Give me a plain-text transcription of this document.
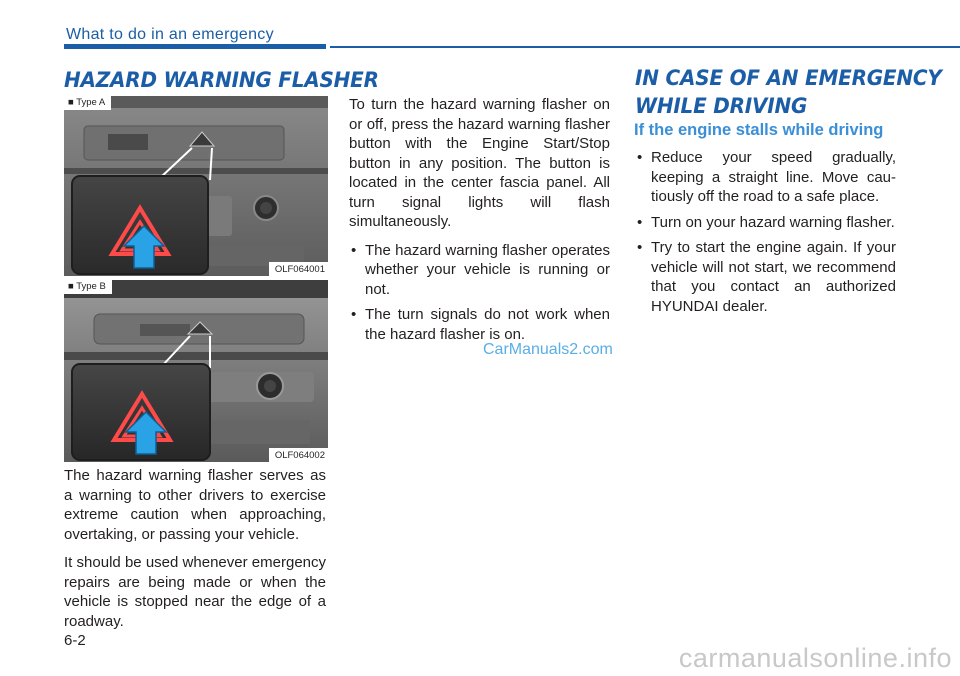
What to do in an emergency
HAZARD WARNING FLASHER
■ Type A
OLF064001
■ Type B
OLF064002

The hazard warning flasher serves as a warning to other drivers to exercise extreme caution when approaching, overtaking, or passing your vehicle.

It should be used whenever emergency repairs are being made or when the vehicle is stopped near the edge of a roadway.

To turn the hazard warning flasher on or off, press the hazard warning flasher button with the Engine Start/Stop button in any position. The button is located in the center fascia panel. All turn signal lights will flash simultaneously.

• The hazard warning flasher operates whether your vehicle is running or not.
• The turn signals do not work when the hazard flasher is on.
IN CASE OF AN EMERGENCY
WHILE DRIVING
If the engine stalls while driving
• Reduce your speed gradually, keeping a straight line. Move cautiously off the road to a safe place.
• Turn on your hazard warning flasher.
• Try to start the engine again. If your vehicle will not start, we recommend that you contact an authorized HYUNDAI dealer.
CarManuals2.com
6-2
carmanualsonline.info
